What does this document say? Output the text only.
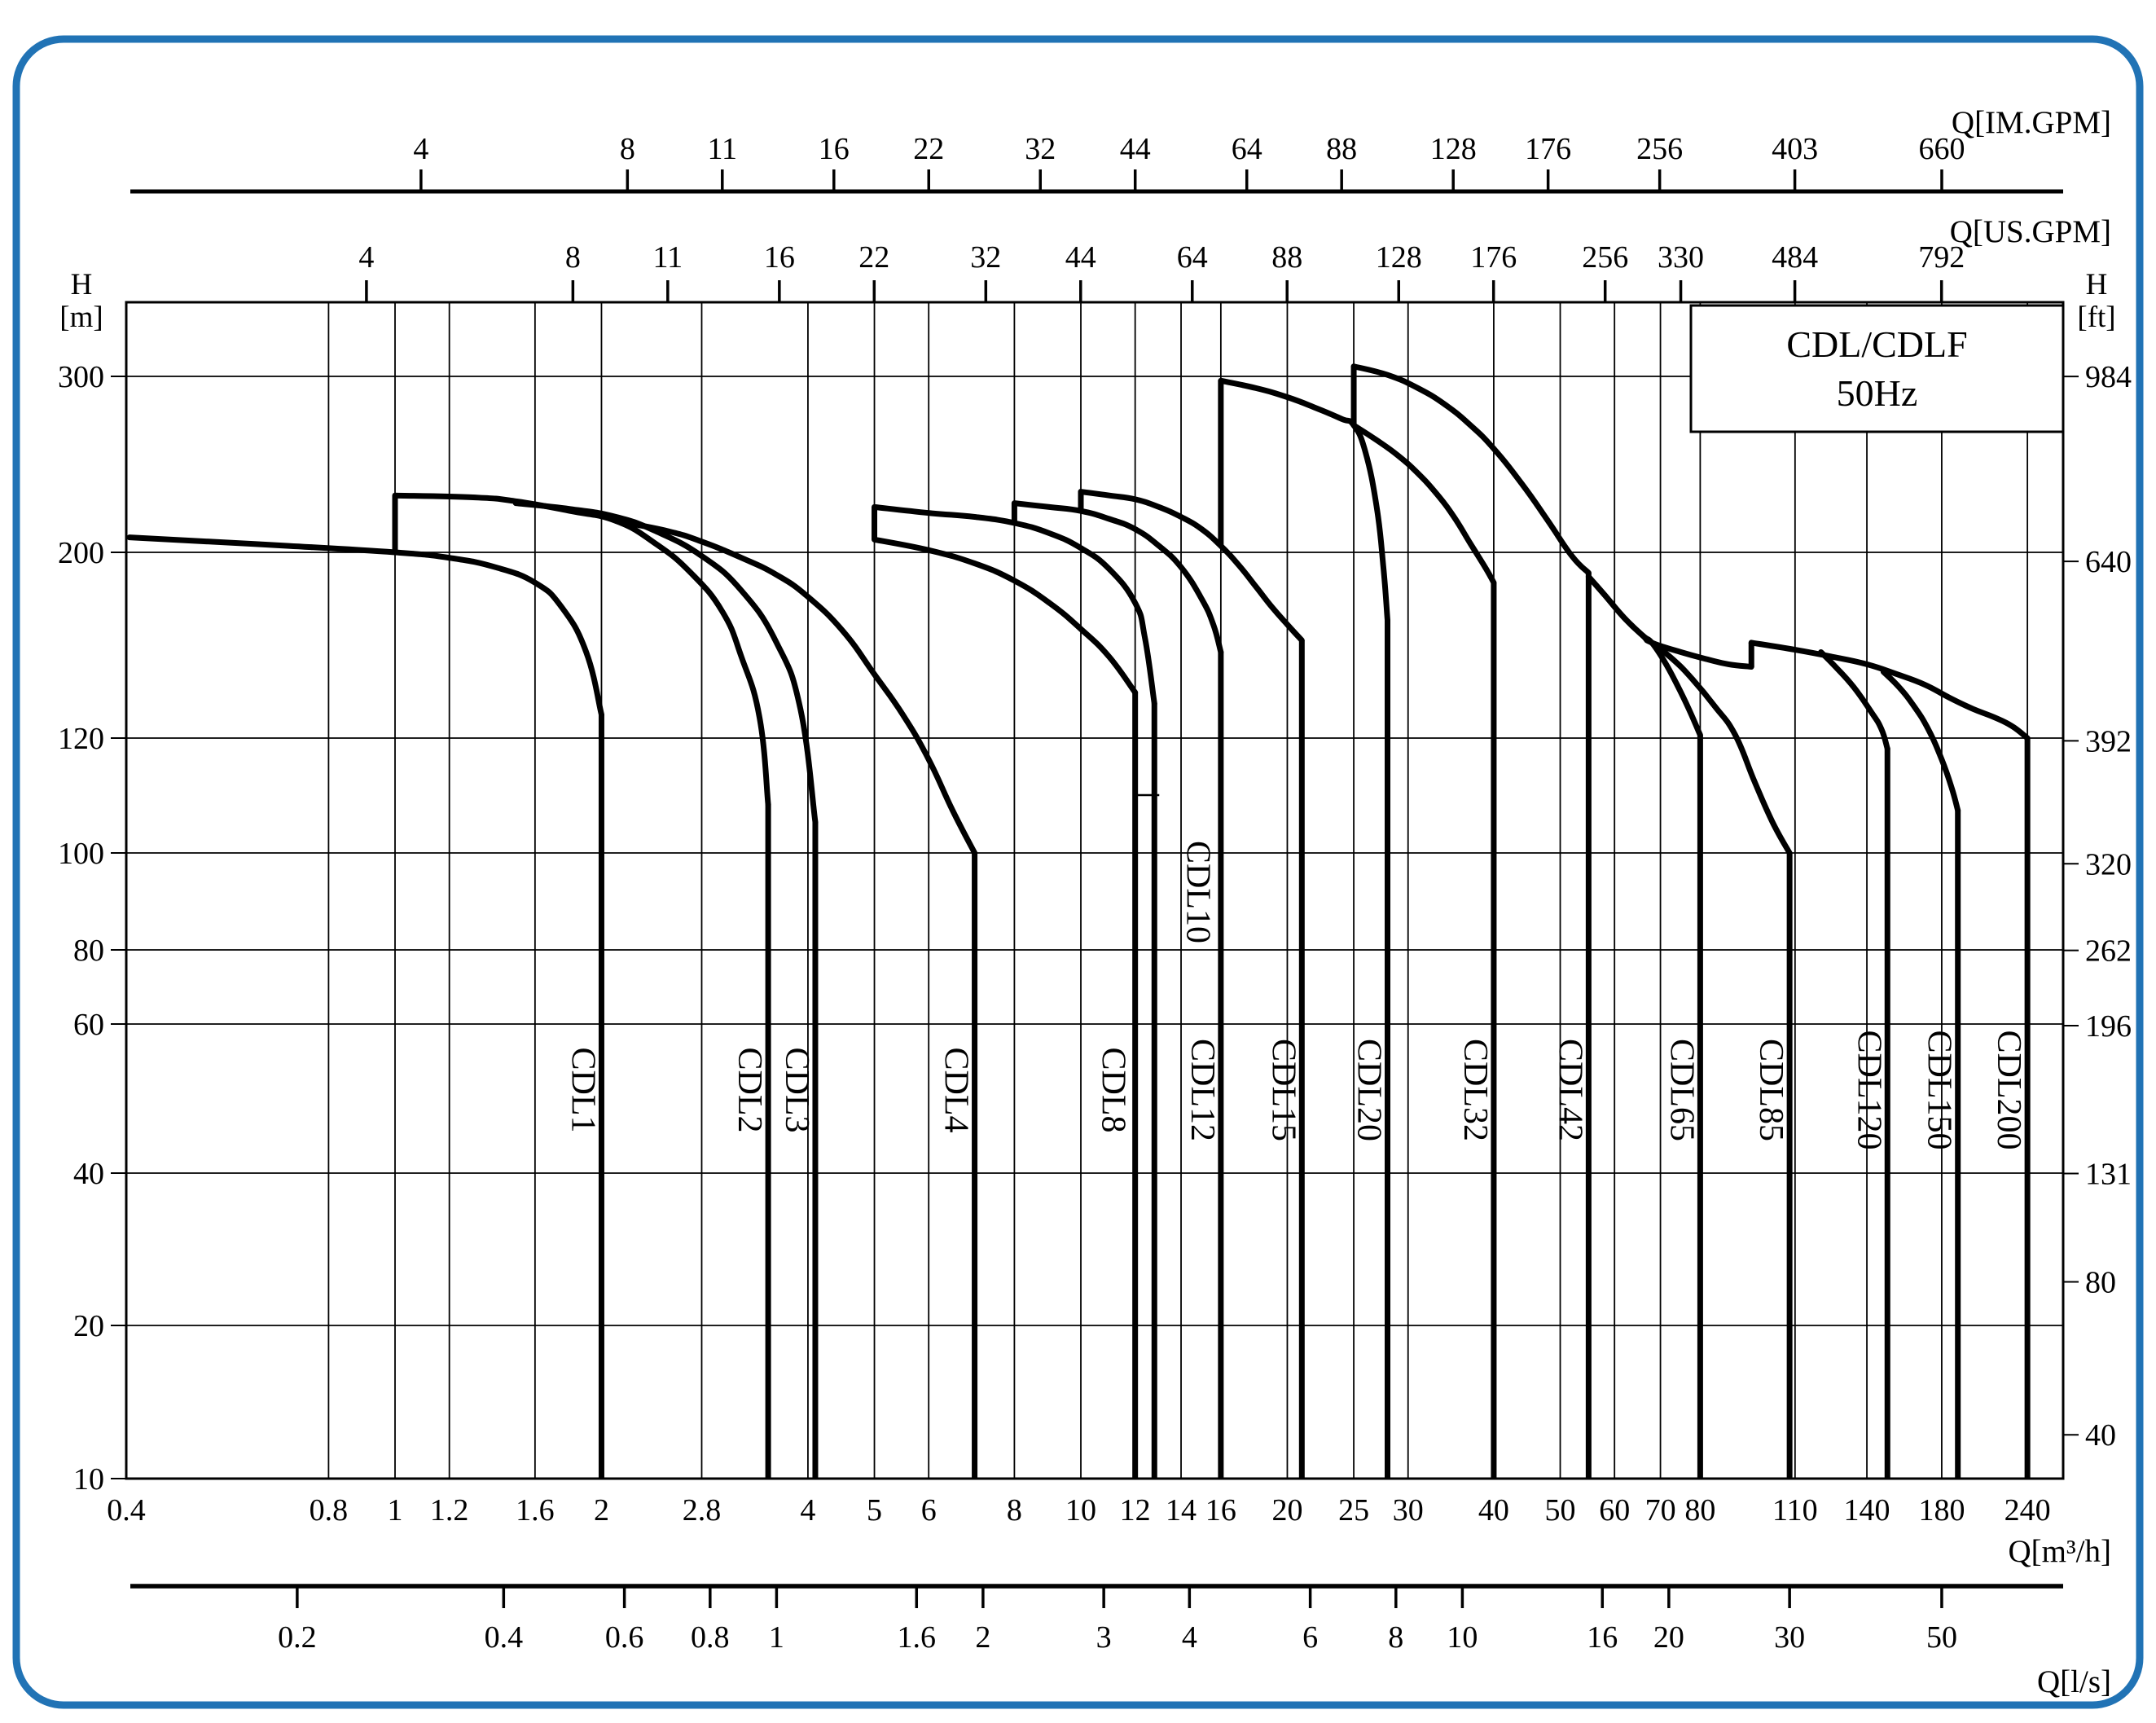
4	8 11	16 22	32 44	64 88 128 176 256	403	660
4	8 11	16 22	32 44	64 88 128 176 256 330 484	792
300
200
120
100
80
60
40
20
10
984
640
392
320
262
196
131
80
40
0.4	0.8 1 1.2 1.6 2 2.8	4 5 6 8 10 12 14 16 20 25 30 40 50 60 70 80 110 140 180 240
0.2	0.4	0.6 0.8 1	1.6 2	3 4	6 8 10	16 20	30	50
CDL1	CDL2 CDL3	CDL4	CDL8
CDL10
CDL12 CDL15 CDL20 CDL32 CDL42 CDL65 CDL85 CDL120 CDL150 CDL200
Q[IM.GPM]
Q[US.GPM]
Q[m³/h]
Q[l/s]
H
[m]
H
[ft]
CDL/CDLF
50Hz
